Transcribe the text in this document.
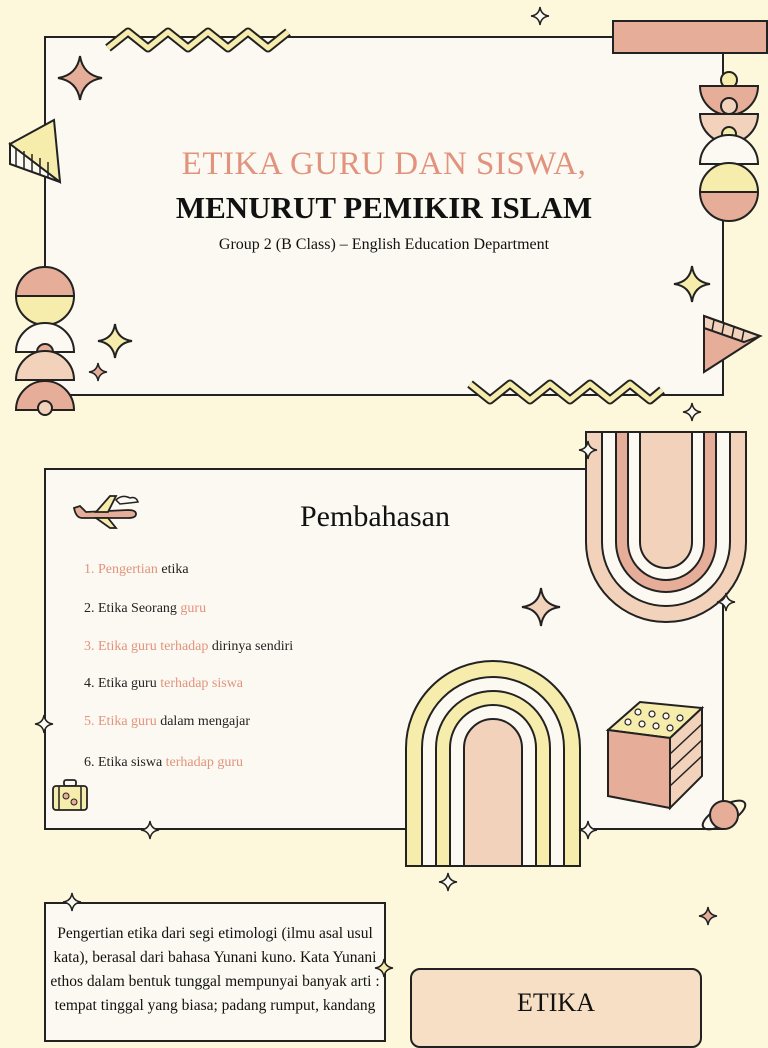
ETIKA GURU DAN SISWA,
MENURUT PEMIKIR ISLAM
Group 2 (B Class) – English Education Department
Pembahasan
1. Pengertian etika
2. Etika Seorang guru
3. Etika guru terhadap dirinya sendiri
4. Etika guru terhadap siswa
5. Etika guru dalam mengajar
6. Etika siswa terhadap guru
Pengertian etika dari segi etimologi (ilmu asal usul kata), berasal dari bahasa Yunani kuno. Kata Yunani ethos dalam bentuk tunggal mempunyai banyak arti : tempat tinggal yang biasa; padang rumput, kandang	ETIKA
